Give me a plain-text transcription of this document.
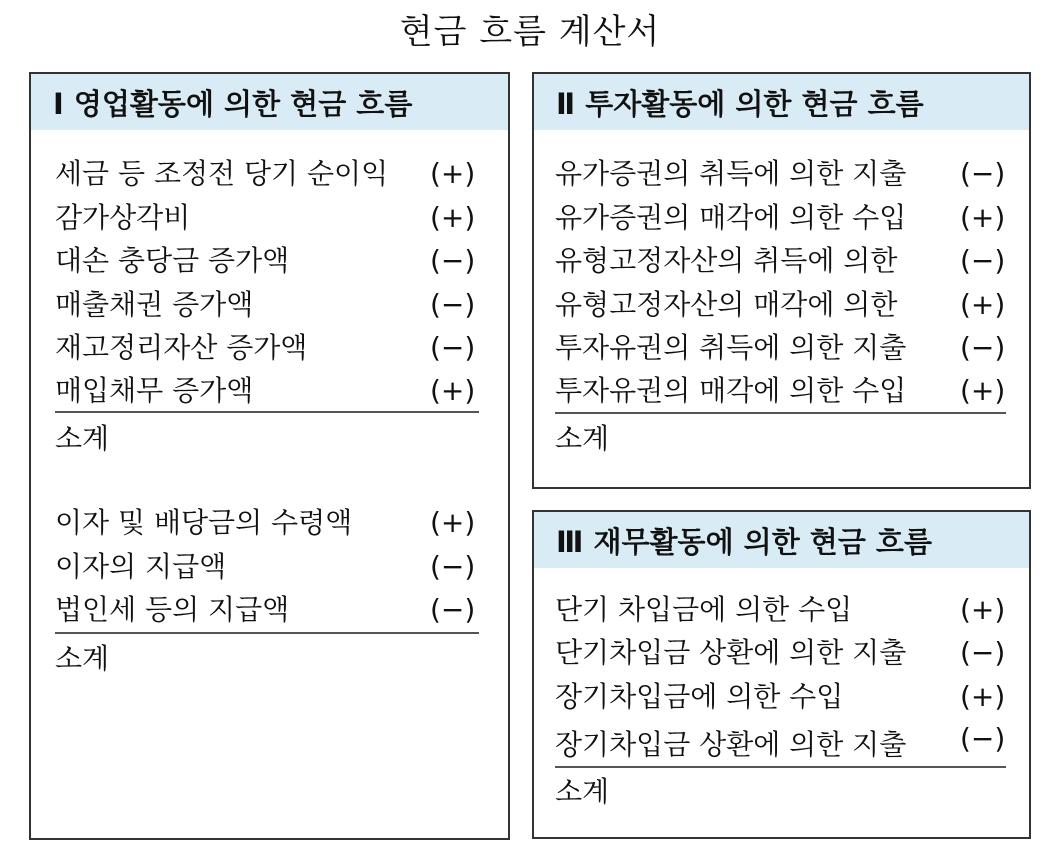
현금 흐름 계산서
I 영업활동에 의한 현금 흐름
세금 등 조정전 당기 순이익 (+)
감가상각비	(+)
대손 충당금 증가액	(−)
매출채권 증가액	(−)
재고정리자산 증가액	(−)
매입채무 증가액	(+)
소계
이자 및 배당금의 수령액	(+)
이자의 지급액	(−)
법인세 등의 지급액	(−)
소계
Ⅱ 투자활동에 의한 현금 흐름
유가증권의 취득에 의한 지출 (−)
유가증권의 매각에 의한 수입 (+)
유형고정자산의 취득에 의한 (−)
유형고정자산의 매각에 의한 (+)
투자유권의 취득에 의한 지출 (−)
투자유권의 매각에 의한 수입 (+)
소계
Ⅲ 재무활동에 의한 현금 흐름
단기 차입금에 의한 수입	(+)
단기차입금 상환에 의한 지출 (−)
장기차입금에 의한 수입	(+)
장기차입금 상환에 의한 지출 (−)
소계
